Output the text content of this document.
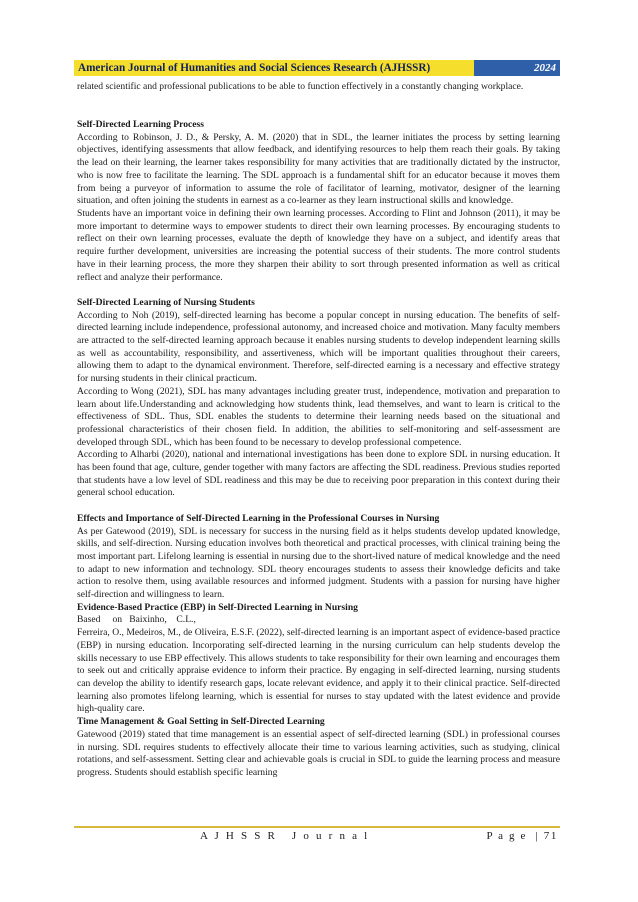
American Journal of Humanities and Social Sciences Research (AJHSSR)	2024

related scientific and professional publications to be able to function effectively in a constantly changing workplace.

Self-Directed Learning Process

According to Robinson, J. D., & Persky, A. M. (2020) that in SDL, the learner initiates the process by setting learning objectives, identifying assessments that allow feedback, and identifying resources to help them reach their goals. By taking the lead on their learning, the learner takes responsibility for many activities that are traditionally dictated by the instructor, who is now free to facilitate the learning. The SDL approach is a fundamental shift for an educator because it moves them from being a purveyor of information to assume the role of facilitator of learning, motivator, designer of the learning situation, and often joining the students in earnest as a co-learner as they learn instructional skills and knowledge.

Students have an important voice in defining their own learning processes. According to Flint and Johnson (2011), it may be more important to determine ways to empower students to direct their own learning processes. By encouraging students to reflect on their own learning processes, evaluate the depth of knowledge they have on a subject, and identify areas that require further development, universities are increasing the potential success of their students. The more control students have in their learning process, the more they sharpen their ability to sort through presented information as well as critical reflect and analyze their performance.

Self-Directed Learning of Nursing Students

According to Noh (2019), self-directed learning has become a popular concept in nursing education. The benefits of self-directed learning include independence, professional autonomy, and increased choice and motivation. Many faculty members are attracted to the self-directed learning approach because it enables nursing students to develop independent learning skills as well as accountability, responsibility, and assertiveness, which will be important qualities throughout their careers, allowing them to adapt to the dynamical environment. Therefore, self-directed earning is a necessary and effective strategy for nursing students in their clinical practicum.

According to Wong (2021), SDL has many advantages including greater trust, independence, motivation and preparation to learn about life.Understanding and acknowledging how students think, lead themselves, and want to learn is critical to the effectiveness of SDL. Thus, SDL enables the students to determine their learning needs based on the situational and professional characteristics of their chosen field. In addition, the abilities to self-monitoring and self-assessment are developed through SDL, which has been found to be necessary to develop professional competence.

According to Alharbi (2020), national and international investigations has been done to explore SDL in nursing education. It has been found that age, culture, gender together with many factors are affecting the SDL readiness. Previous studies reported that students have a low level of SDL readiness and this may be due to receiving poor preparation in this context during their general school education.

Effects and Importance of Self-Directed Learning in the Professional Courses in Nursing

As per Gatewood (2019), SDL is necessary for success in the nursing field as it helps students develop updated knowledge, skills, and self-direction. Nursing education involves both theoretical and practical processes, with clinical training being the most important part. Lifelong learning is essential in nursing due to the short-lived nature of medical knowledge and the need to adapt to new information and technology. SDL theory encourages students to assess their knowledge deficits and take action to resolve them, using available resources and informed judgment. Students with a passion for nursing have higher self-direction and willingness to learn.

Evidence-Based Practice (EBP) in Self-Directed Learning in Nursing

Based     on   Baixinho,    C.L.,

Ferreira, O., Medeiros, M., de Oliveira, E.S.F. (2022), self-directed learning is an important aspect of evidence-based practice (EBP) in nursing education. Incorporating self-directed learning in the nursing curriculum can help students develop the skills necessary to use EBP effectively. This allows students to take responsibility for their own learning and encourages them to seek out and critically appraise evidence to inform their practice. By engaging in self-directed learning, nursing students can develop the ability to identify research gaps, locate relevant evidence, and apply it to their clinical practice. Self-directed learning also promotes lifelong learning, which is essential for nurses to stay updated with the latest evidence and provide high-quality care.

Time Management & Goal Setting in Self-Directed Learning

Gatewood (2019) stated that time management is an essential aspect of self-directed learning (SDL) in professional courses in nursing. SDL requires students to effectively allocate their time to various learning activities, such as studying, clinical rotations, and self-assessment. Setting clear and achievable goals is crucial in SDL to guide the learning process and measure progress. Students should establish specific learning

A J H S S R   J o u r n a l	P a g e  | 71
